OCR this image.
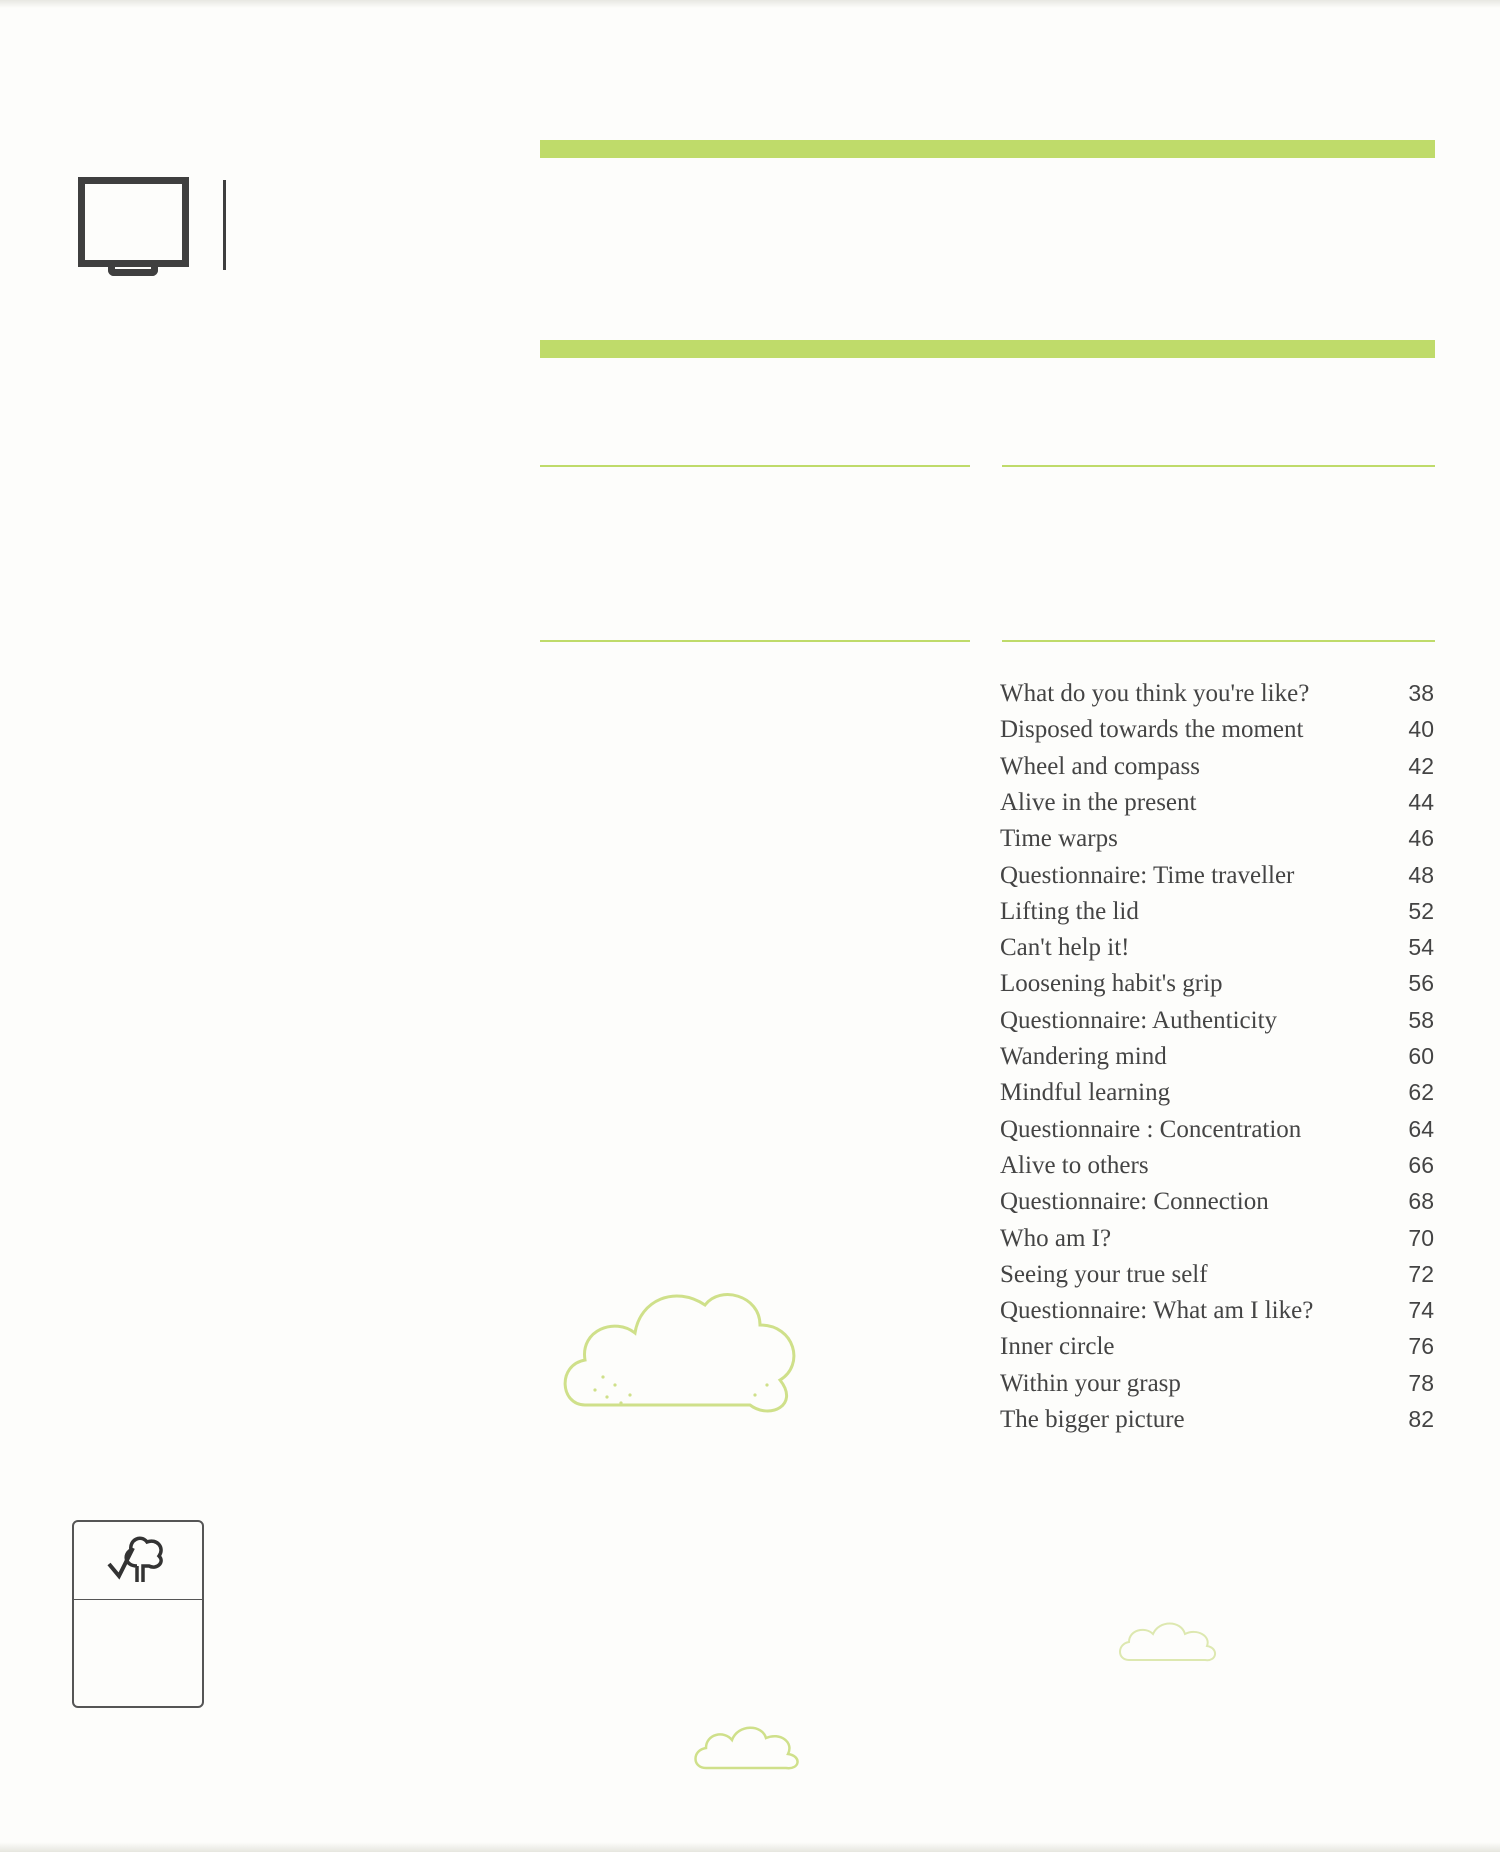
What do you think you're like?	38
Disposed towards the moment	40
Wheel and compass	42
Alive in the present	44
Time warps	46
Questionnaire: Time traveller	48
Lifting the lid	52
Can't help it!	54
Loosening habit's grip	56
Questionnaire: Authenticity	58
Wandering mind	60
Mindful learning	62
Questionnaire : Concentration	64
Alive to others	66
Questionnaire: Connection	68
Who am I?	70
Seeing your true self	72
Questionnaire: What am I like?	74
Inner circle	76
Within your grasp	78
The bigger picture	82
